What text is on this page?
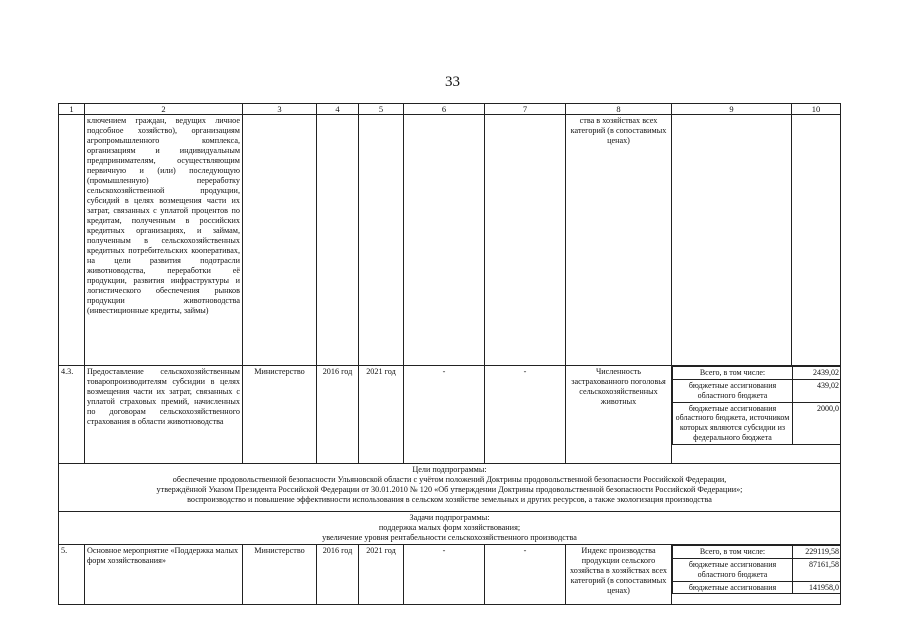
33
1	2	3	4	5	6	7	8	9	10
	ключением граждан, ведущих личное подсобное хозяйство), организациям агропромышленного комплекса, организациям и индивидуальным предпринимателям, осуществляющим первичную и (или) последующую (промышленную) переработку сельскохозяйственной продукции, субсидий в целях возмещения части их затрат, связанных с уплатой процентов по кредитам, полученным в российских кредитных организациях, и займам, полученным в сельскохозяйственных кредитных потребительских кооперативах, на цели развития подотрасли животноводства, переработки её продукции, развития инфраструктуры и логистического обеспечения рынков продукции животноводства (инвестиционные кредиты, займы)						ства в хозяйствах всех категорий (в сопоставимых ценах)		
4.3.	Предоставление сельскохозяйственным товаропроизводителям субсидии в целях возмещения части их затрат, связанных с уплатой страховых премий, начисленных по договорам сельскохозяйственного страхования в области животноводства	Министерство	2016 год	2021 год	-	-	Численность застрахованного поголовья сельскохозяйственных животных	
Всего, в том числе:	2439,02
бюджетные ассигнования областного бюджета	439,02
бюджетные ассигнования областного бюджета, источником которых являются субсидии из федерального бюджета	2000,0

Цели подпрограммы:
обеспечение продовольственной безопасности Ульяновской области с учётом положений Доктрины продовольственной безопасности Российской Федерации,
утверждённой Указом Президента Российской Федерации от 30.01.2010 № 120 «Об утверждении Доктрины продовольственной безопасности Российской Федерации»;
воспроизводство и повышение эффективности использования в сельском хозяйстве земельных и других ресурсов, а также экологизация производства

Задачи подпрограммы:
поддержка малых форм хозяйствования;
увеличение уровня рентабельности сельскохозяйственного производства

5.	Основное мероприятие «Поддержка малых форм хозяйствования»	Министерство	2016 год	2021 год	-	-	Индекс производства продукции сельского хозяйства в хозяйствах всех категорий (в сопоставимых ценах)	
Всего, в том числе:	229119,58
бюджетные ассигнования областного бюджета	87161,58
бюджетные ассигнования	141958,0
